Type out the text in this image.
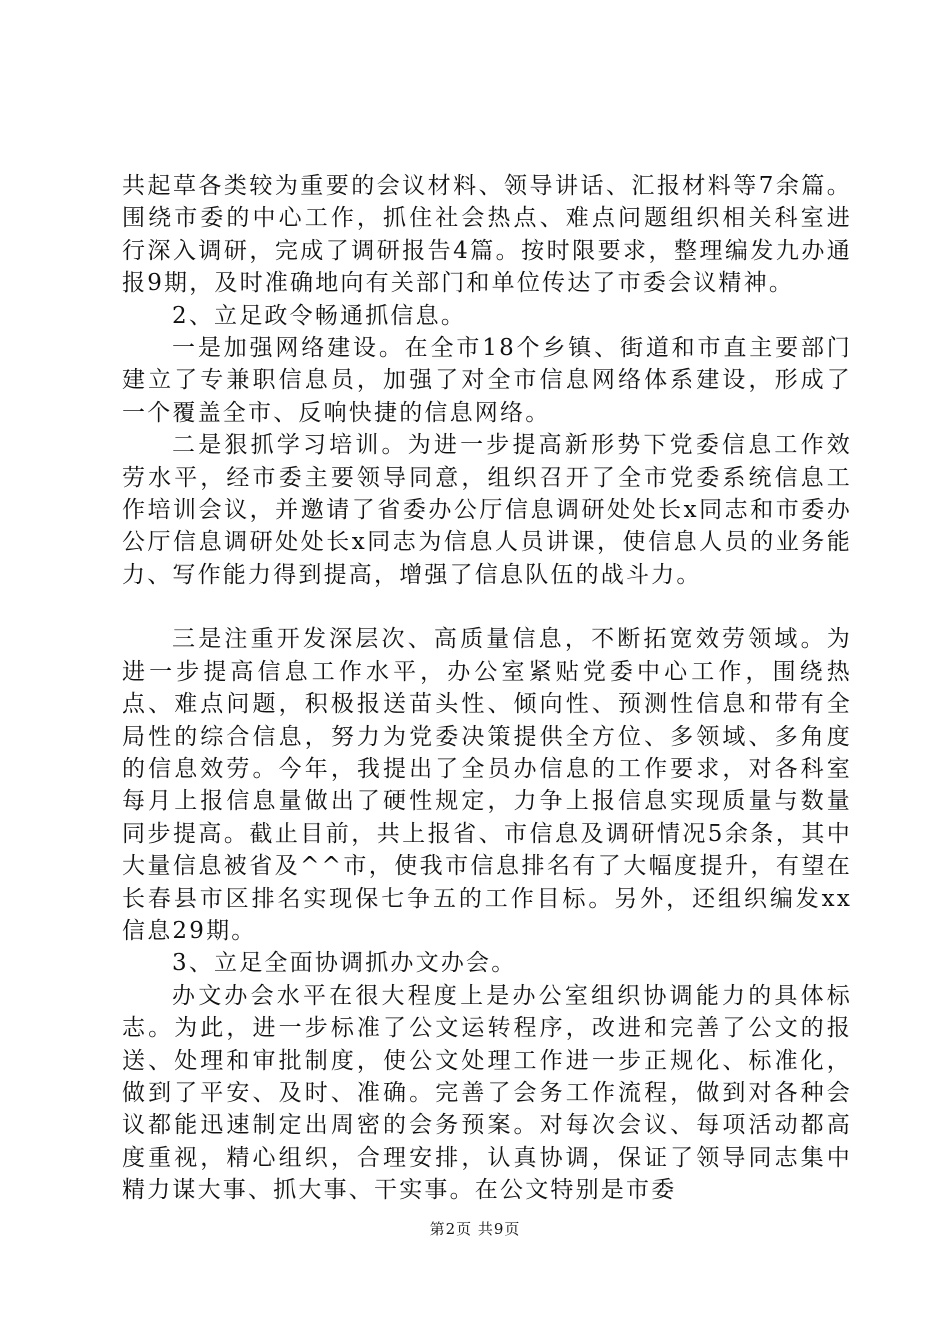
共起草各类较为重要的会议材料、领导讲话、汇报材料等7余篇。围绕市委的中心工作，抓住社会热点、难点问题组织相关科室进行深入调研，完成了调研报告4篇。按时限要求，整理编发九办通报9期，及时准确地向有关部门和单位传达了市委会议精神。

2、立足政令畅通抓信息。

一是加强网络建设。在全市18个乡镇、街道和市直主要部门建立了专兼职信息员，加强了对全市信息网络体系建设，形成了一个覆盖全市、反响快捷的信息网络。

二是狠抓学习培训。为进一步提高新形势下党委信息工作效劳水平，经市委主要领导同意，组织召开了全市党委系统信息工作培训会议，并邀请了省委办公厅信息调研处处长x同志和市委办公厅信息调研处处长x同志为信息人员讲课，使信息人员的业务能力、写作能力得到提高，增强了信息队伍的战斗力。

三是注重开发深层次、高质量信息，不断拓宽效劳领域。为进一步提高信息工作水平，办公室紧贴党委中心工作，围绕热点、难点问题，积极报送苗头性、倾向性、预测性信息和带有全局性的综合信息，努力为党委决策提供全方位、多领域、多角度的信息效劳。今年，我提出了全员办信息的工作要求，对各科室每月上报信息量做出了硬性规定，力争上报信息实现质量与数量同步提高。截止目前，共上报省、市信息及调研情况5余条，其中大量信息被省及^^市，使我市信息排名有了大幅度提升，有望在长春县市区排名实现保七争五的工作目标。另外，还组织编发xx信息29期。

3、立足全面协调抓办文办会。

办文办会水平在很大程度上是办公室组织协调能力的具体标志。为此，进一步标准了公文运转程序，改进和完善了公文的报送、处理和审批制度，使公文处理工作进一步正规化、标准化，做到了平安、及时、准确。完善了会务工作流程，做到对各种会议都能迅速制定出周密的会务预案。对每次会议、每项活动都高度重视，精心组织，合理安排，认真协调，保证了领导同志集中精力谋大事、抓大事、干实事。在公文特别是市委

第2页 共9页
